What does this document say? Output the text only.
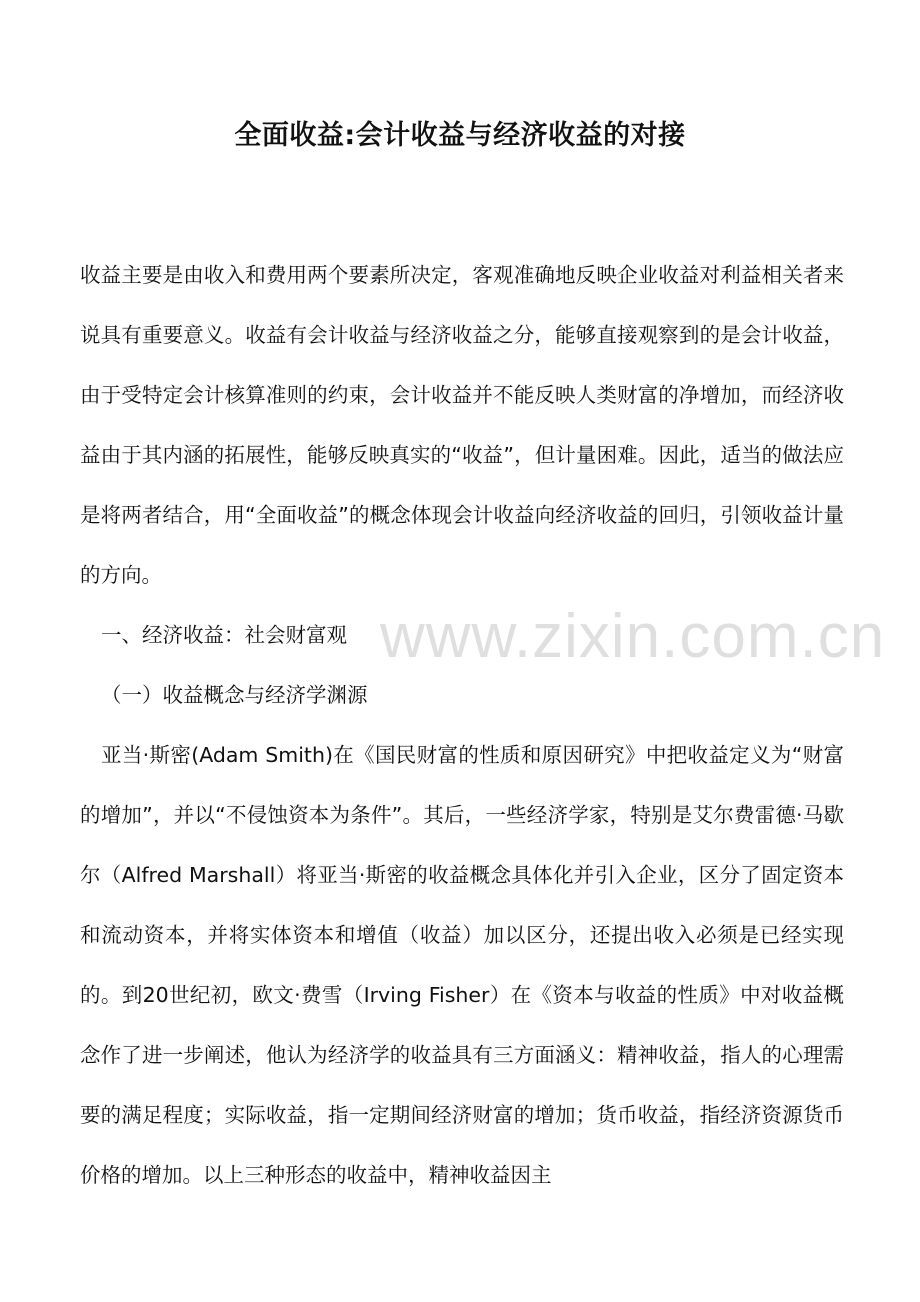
全面收益:会计收益与经济收益的对接

收益主要是由收入和费用两个要素所决定，客观准确地反映企业收益对利益相关者来说具有重要意义。收益有会计收益与经济收益之分，能够直接观察到的是会计收益，由于受特定会计核算准则的约束，会计收益并不能反映人类财富的净增加，而经济收益由于其内涵的拓展性，能够反映真实的“收益”，但计量困难。因此，适当的做法应是将两者结合，用“全面收益”的概念体现会计收益向经济收益的回归，引领收益计量的方向。

一、经济收益：社会财富观

（一）收益概念与经济学渊源

亚当·斯密(Adam Smith)在《国民财富的性质和原因研究》中把收益定义为“财富的增加”，并以“不侵蚀资本为条件”。其后，一些经济学家，特别是艾尔费雷德·马歇尔（Alfred Marshall）将亚当·斯密的收益概念具体化并引入企业，区分了固定资本和流动资本，并将实体资本和增值（收益）加以区分，还提出收入必须是已经实现的。到20世纪初，欧文·费雪（Irving Fisher）在《资本与收益的性质》中对收益概念作了进一步阐述，他认为经济学的收益具有三方面涵义：精神收益，指人的心理需要的满足程度；实际收益，指一定期间经济财富的增加；货币收益，指经济资源货币价格的增加。以上三种形态的收益中，精神收益因主

www.zixin.com.cn
